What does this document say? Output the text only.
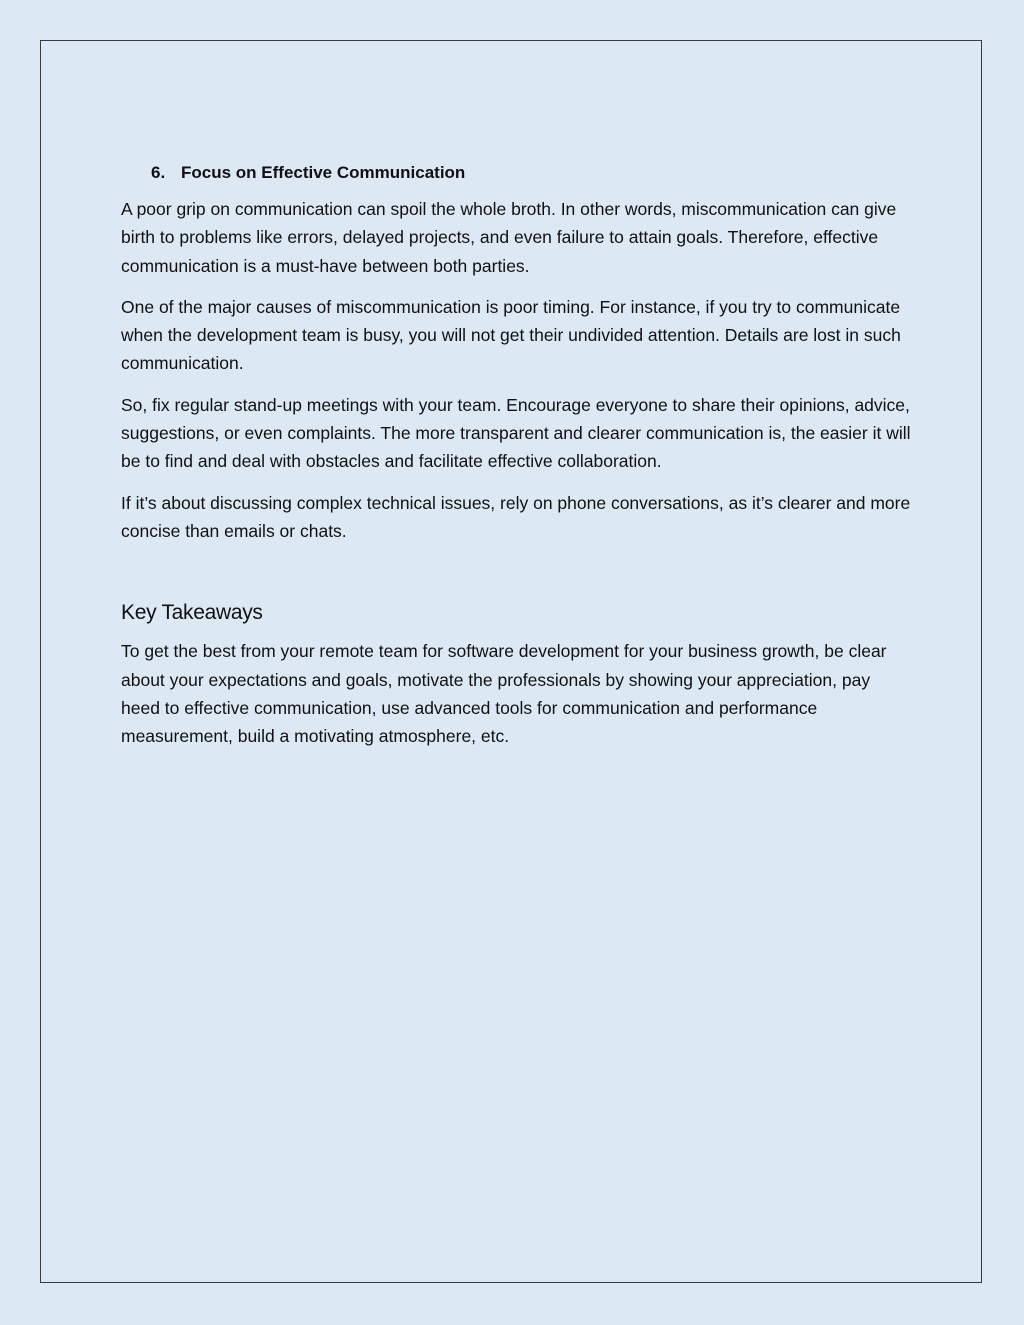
6. Focus on Effective Communication

A poor grip on communication can spoil the whole broth. In other words, miscommunication can give birth to problems like errors, delayed projects, and even failure to attain goals. Therefore, effective communication is a must-have between both parties.

One of the major causes of miscommunication is poor timing. For instance, if you try to communicate when the development team is busy, you will not get their undivided attention. Details are lost in such communication.

So, fix regular stand-up meetings with your team. Encourage everyone to share their opinions, advice, suggestions, or even complaints. The more transparent and clearer communication is, the easier it will be to find and deal with obstacles and facilitate effective collaboration.

If it’s about discussing complex technical issues, rely on phone conversations, as it’s clearer and more concise than emails or chats.

Key Takeaways

To get the best from your remote team for software development for your business growth, be clear about your expectations and goals, motivate the professionals by showing your appreciation, pay heed to effective communication, use advanced tools for communication and performance measurement, build a motivating atmosphere, etc.
